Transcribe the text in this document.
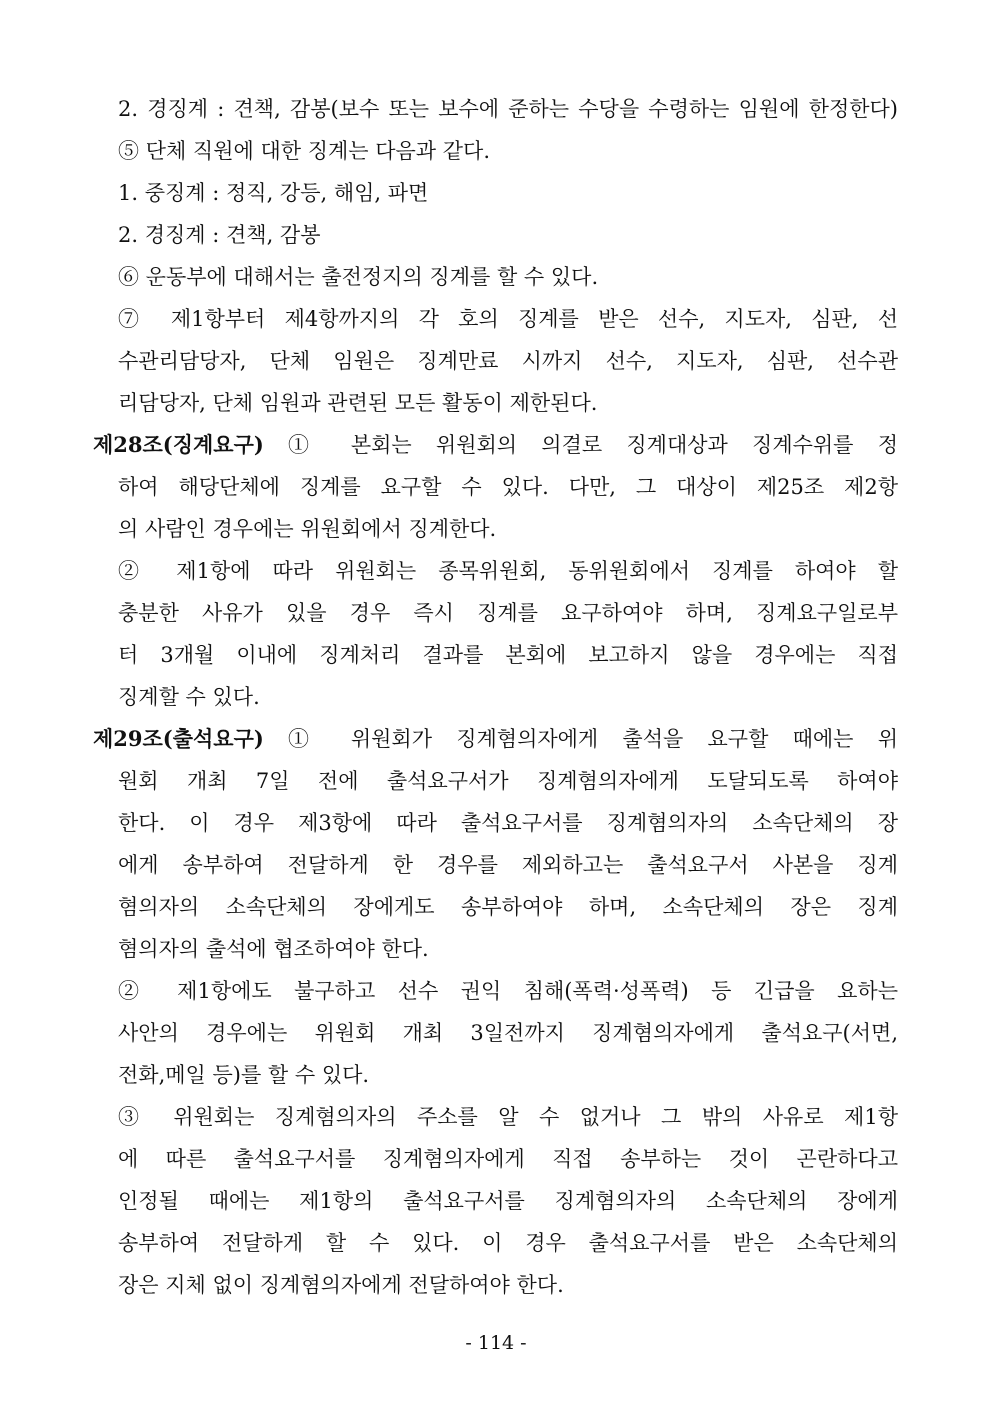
2. 경징계 : 견책, 감봉(보수 또는 보수에 준하는 수당을 수령하는 임원에 한정한다)
⑤ 단체 직원에 대한 징계는 다음과 같다.
1. 중징계 : 정직, 강등, 해임, 파면
2. 경징계 : 견책, 감봉
⑥ 운동부에 대해서는 출전정지의 징계를 할 수 있다.
⑦ 제1항부터 제4항까지의 각 호의 징계를 받은 선수, 지도자, 심판, 선
수관리담당자, 단체 임원은 징계만료 시까지 선수, 지도자, 심판, 선수관
리담당자, 단체 임원과 관련된 모든 활동이 제한된다.
제28조(징계요구) ① 본회는 위원회의 의결로 징계대상과 징계수위를 정
하여 해당단체에 징계를 요구할 수 있다. 다만, 그 대상이 제25조 제2항
의 사람인 경우에는 위원회에서 징계한다.
② 제1항에 따라 위원회는 종목위원회, 동위원회에서 징계를 하여야 할
충분한 사유가 있을 경우 즉시 징계를 요구하여야 하며, 징계요구일로부
터 3개월 이내에 징계처리 결과를 본회에 보고하지 않을 경우에는 직접
징계할 수 있다.
제29조(출석요구) ① 위원회가 징계혐의자에게 출석을 요구할 때에는 위
원회 개최 7일 전에 출석요구서가 징계혐의자에게 도달되도록 하여야
한다. 이 경우 제3항에 따라 출석요구서를 징계혐의자의 소속단체의 장
에게 송부하여 전달하게 한 경우를 제외하고는 출석요구서 사본을 징계
혐의자의 소속단체의 장에게도 송부하여야 하며, 소속단체의 장은 징계
혐의자의 출석에 협조하여야 한다.
② 제1항에도 불구하고 선수 권익 침해(폭력·성폭력) 등 긴급을 요하는
사안의 경우에는 위원회 개최 3일전까지 징계혐의자에게 출석요구(서면,
전화,메일 등)를 할 수 있다.
③ 위원회는 징계혐의자의 주소를 알 수 없거나 그 밖의 사유로 제1항
에 따른 출석요구서를 징계혐의자에게 직접 송부하는 것이 곤란하다고
인정될 때에는 제1항의 출석요구서를 징계혐의자의 소속단체의 장에게
송부하여 전달하게 할 수 있다. 이 경우 출석요구서를 받은 소속단체의
장은 지체 없이 징계혐의자에게 전달하여야 한다.
- 114 -
